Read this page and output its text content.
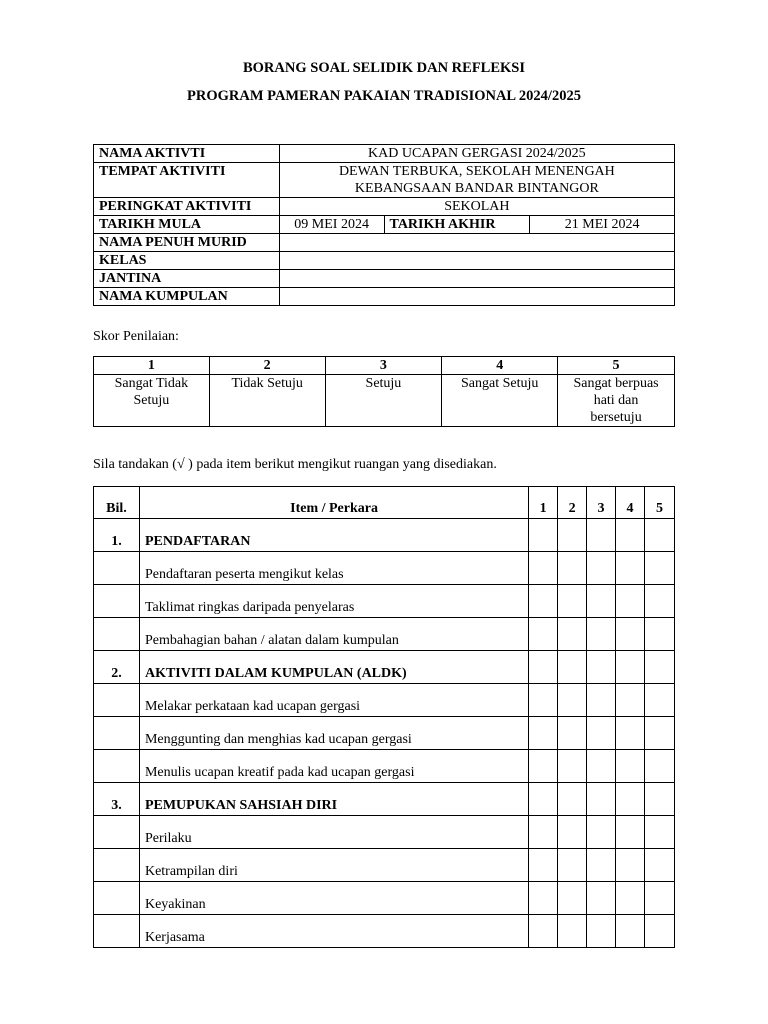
BORANG SOAL SELIDIK DAN REFLEKSI
PROGRAM PAMERAN PAKAIAN TRADISIONAL 2024/2025
NAMA AKTIVTI	KAD UCAPAN GERGASI 2024/2025		
TEMPAT AKTIVITI	DEWAN TERBUKA, SEKOLAH MENENGAH
KEBANGSAAN BANDAR BINTANGOR		

PERINGKAT AKTIVITI	SEKOLAH		
TARIKH MULA	09 MEI 2024	TARIKH AKHIR	21 MEI 2024
NAMA PENUH MURID			
KELAS			
JANTINA			
NAMA KUMPULAN			
Skor Penilaian:
1	2	3	4	5
Sangat Tidak Setuju	Tidak Setuju	Setuju	Sangat Setuju	Sangat berpuas hati dan bersetuju
Sila tandakan (√ ) pada item berikut mengikut ruangan yang disediakan.
Bil.	Item / Perkara	1	2	3	4	5
1.	PENDAFTARAN					
	Pendaftaran peserta mengikut kelas					
	Taklimat ringkas daripada penyelaras					
	Pembahagian bahan / alatan dalam kumpulan					
2.	AKTIVITI DALAM KUMPULAN (ALDK)					
	Melakar perkataan kad ucapan gergasi					
	Menggunting dan menghias kad ucapan gergasi					
	Menulis ucapan kreatif pada kad ucapan gergasi					
3.	PEMUPUKAN SAHSIAH DIRI					
	Perilaku					
	Ketrampilan diri					
	Keyakinan					
	Kerjasama					
